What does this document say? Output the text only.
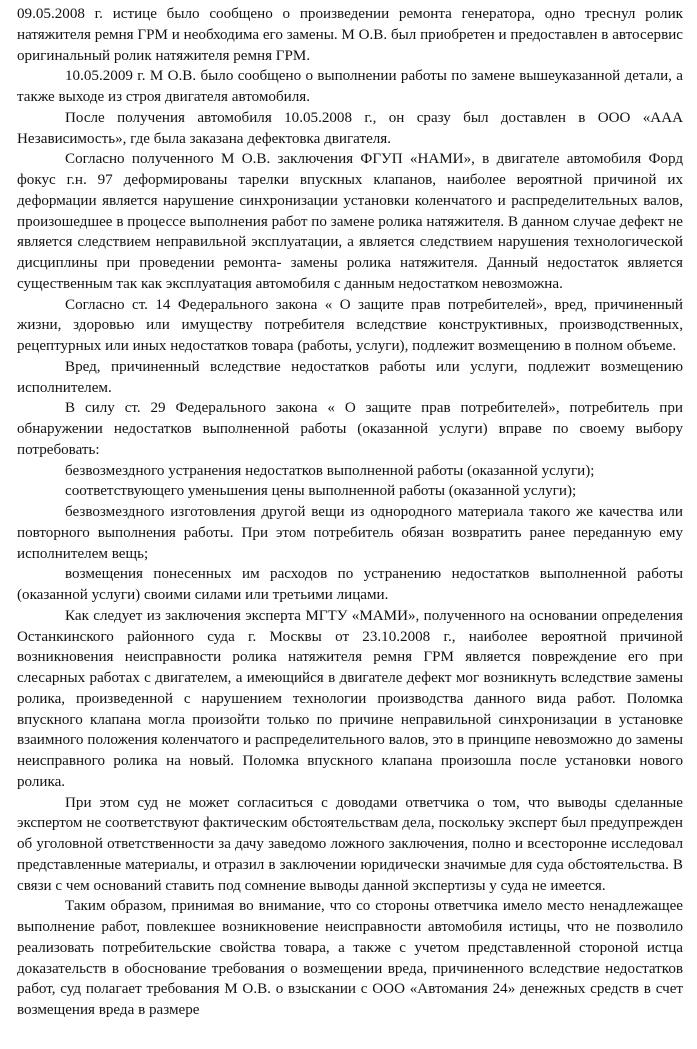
09.05.2008 г. истице было сообщено о произведении ремонта генератора, одно треснул ролик натяжителя ремня ГРМ и необходима его замены. М О.В. был приобретен и предоставлен в автосервис оригинальный ролик натяжителя ремня ГРМ.

10.05.2009 г. М О.В. было сообщено о выполнении работы по замене вышеуказанной детали, а также выходе из строя двигателя автомобиля.

После получения автомобиля 10.05.2008 г., он сразу был доставлен в ООО «ААА Независимость», где была заказана дефектовка двигателя.

Согласно полученного М О.В. заключения ФГУП «НАМИ», в двигателе автомобиля Форд фокус г.н. 97 деформированы тарелки впускных клапанов, наиболее вероятной причиной их деформации является нарушение синхронизации установки коленчатого и распределительных валов, произошедшее в процессе выполнения работ по замене ролика натяжителя. В данном случае дефект не является следствием неправильной эксплуатации, а является следствием нарушения технологической дисциплины при проведении ремонта- замены ролика натяжителя. Данный недостаток является существенным так как эксплуатация автомобиля с данным недостатком невозможна.

Согласно ст. 14 Федерального закона « О защите прав потребителей», вред, причиненный жизни, здоровью или имуществу потребителя вследствие конструктивных, производственных, рецептурных или иных недостатков товара (работы, услуги), подлежит возмещению в полном объеме.

Вред, причиненный вследствие недостатков работы или услуги, подлежит возмещению исполнителем.

В силу ст. 29 Федерального закона « О защите прав потребителей», потребитель при обнаружении недостатков выполненной работы (оказанной услуги) вправе по своему выбору потребовать:

безвозмездного устранения недостатков выполненной работы (оказанной услуги);

соответствующего уменьшения цены выполненной работы (оказанной услуги);

безвозмездного изготовления другой вещи из однородного материала такого же качества или повторного выполнения работы. При этом потребитель обязан возвратить ранее переданную ему исполнителем вещь;

возмещения понесенных им расходов по устранению недостатков выполненной работы (оказанной услуги) своими силами или третьими лицами.

Как следует из заключения эксперта МГТУ «МАМИ», полученного на основании определения Останкинского районного суда г. Москвы от 23.10.2008 г., наиболее вероятной причиной возникновения неисправности ролика натяжителя ремня ГРМ является повреждение его при слесарных работах с двигателем, а имеющийся в двигателе дефект мог возникнуть вследствие замены ролика, произведенной с нарушением технологии производства данного вида работ. Поломка впускного клапана могла произойти только по причине неправильной синхронизации в установке взаимного положения коленчатого и распределительного валов, это в принципе невозможно до замены неисправного ролика на новый. Поломка впускного клапана произошла после установки нового ролика.

При этом суд не может согласиться с доводами ответчика о том, что выводы сделанные экспертом не соответствуют фактическим обстоятельствам дела, поскольку эксперт был предупрежден об уголовной ответственности за дачу заведомо ложного заключения, полно и всесторонне исследовал представленные материалы, и отразил в заключении юридически значимые для суда обстоятельства. В связи с чем оснований ставить под сомнение выводы данной экспертизы у суда не имеется.

Таким образом, принимая во внимание, что со стороны ответчика имело место ненадлежащее выполнение работ, повлекшее возникновение неисправности автомобиля истицы, что не позволило реализовать потребительские свойства товара, а также с учетом представленной стороной истца доказательств в обоснование требования о возмещении вреда, причиненного вследствие недостатков работ, суд полагает требования М О.В. о взыскании с ООО «Автомания 24» денежных средств в счет возмещения вреда в размере
